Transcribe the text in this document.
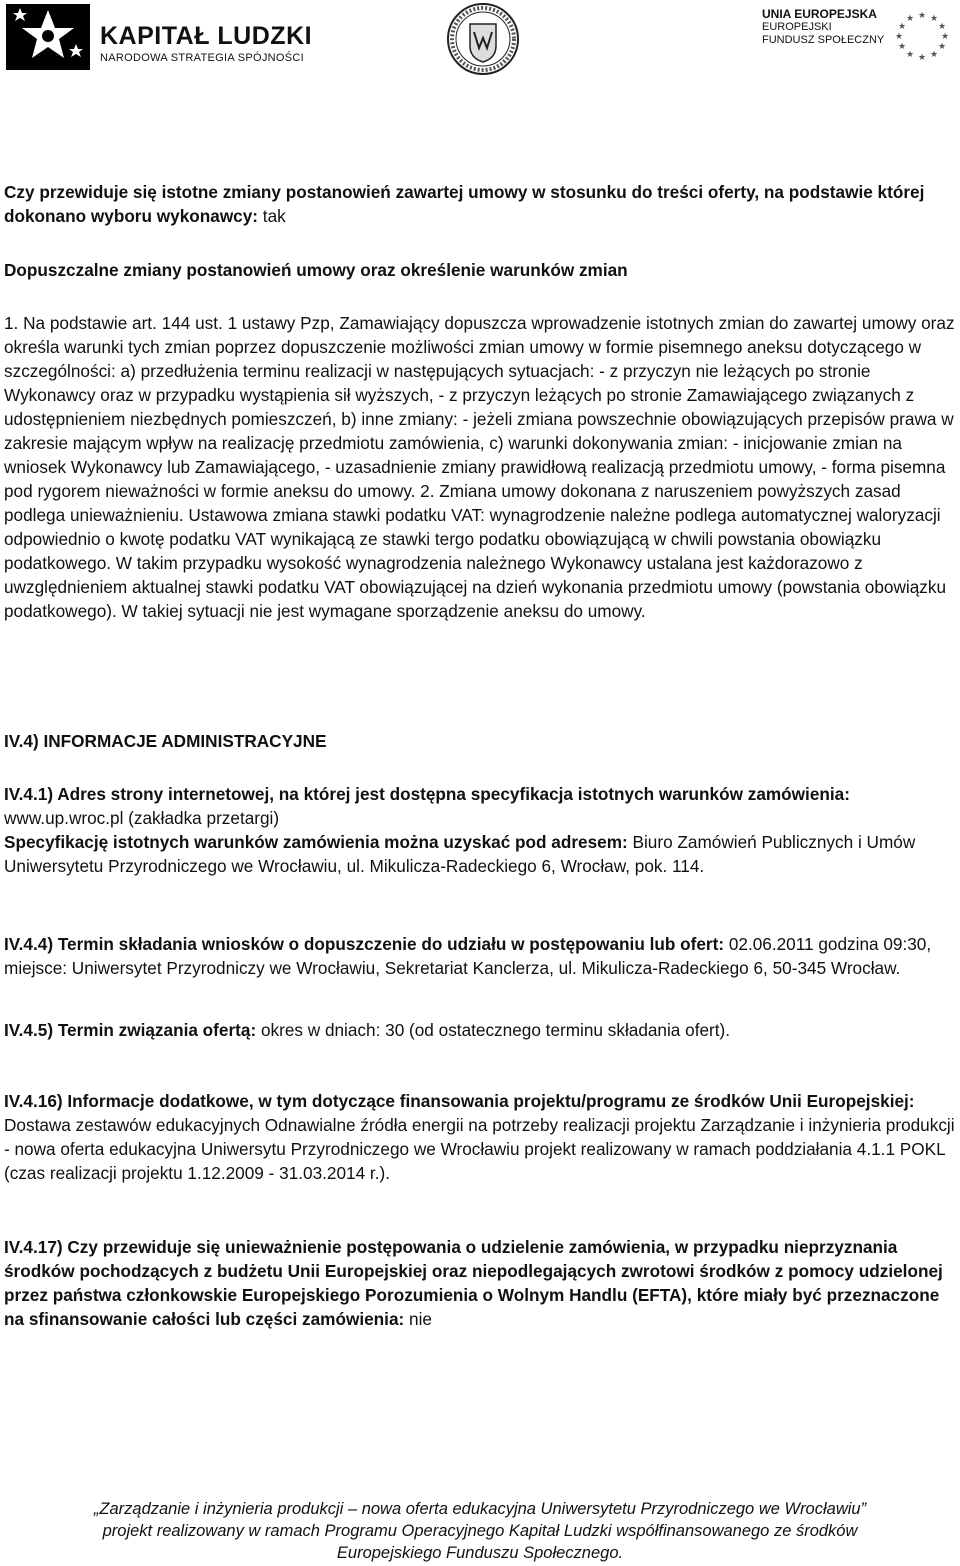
KAPITAŁ LUDZKI
NARODOWA STRATEGIA SPÓJNOŚCI
UNIA EUROPEJSKA
EUROPEJSKI
FUNDUSZ SPOŁECZNY
★ ★
★
★
★
★
★
★
★
★
★
★

Czy przewiduje się istotne zmiany postanowień zawartej umowy w stosunku do treści oferty, na podstawie której dokonano wyboru wykonawcy: tak

Dopuszczalne zmiany postanowień umowy oraz określenie warunków zmian

1. Na podstawie art. 144 ust. 1 ustawy Pzp, Zamawiający dopuszcza wprowadzenie istotnych zmian do zawartej umowy oraz określa warunki tych zmian poprzez dopuszczenie możliwości zmian umowy w formie pisemnego aneksu dotyczącego w szczególności: a) przedłużenia terminu realizacji w następujących sytuacjach: - z przyczyn nie leżących po stronie Wykonawcy oraz w przypadku wystąpienia sił wyższych, - z przyczyn leżących po stronie Zamawiającego związanych z udostępnieniem niezbędnych pomieszczeń, b) inne zmiany: - jeżeli zmiana powszechnie obowiązujących przepisów prawa w zakresie mającym wpływ na realizację przedmiotu zamówienia, c) warunki dokonywania zmian: - inicjowanie zmian na wniosek Wykonawcy lub Zamawiającego, - uzasadnienie zmiany prawidłową realizacją przedmiotu umowy, - forma pisemna pod rygorem nieważności w formie aneksu do umowy. 2. Zmiana umowy dokonana z naruszeniem powyższych zasad podlega unieważnieniu. Ustawowa zmiana stawki podatku VAT: wynagrodzenie należne podlega automatycznej waloryzacji odpowiednio o kwotę podatku VAT wynikającą ze stawki tergo podatku obowiązującą w chwili powstania obowiązku podatkowego. W takim przypadku wysokość wynagrodzenia należnego Wykonawcy ustalana jest każdorazowo z uwzględnieniem aktualnej stawki podatku VAT obowiązującej na dzień wykonania przedmiotu umowy (powstania obowiązku podatkowego). W takiej sytuacji nie jest wymagane sporządzenie aneksu do umowy.

IV.4) INFORMACJE ADMINISTRACYJNE

IV.4.1) Adres strony internetowej, na której jest dostępna specyfikacja istotnych warunków zamówienia: www.up.wroc.pl (zakładka przetargi)
Specyfikację istotnych warunków zamówienia można uzyskać pod adresem: Biuro Zamówień Publicznych i Umów Uniwersytetu Przyrodniczego we Wrocławiu, ul. Mikulicza-Radeckiego 6, Wrocław, pok. 114.

IV.4.4) Termin składania wniosków o dopuszczenie do udziału w postępowaniu lub ofert: 02.06.2011 godzina 09:30, miejsce: Uniwersytet Przyrodniczy we Wrocławiu, Sekretariat Kanclerza, ul. Mikulicza-Radeckiego 6, 50-345 Wrocław.

IV.4.5) Termin związania ofertą: okres w dniach: 30 (od ostatecznego terminu składania ofert).

IV.4.16) Informacje dodatkowe, w tym dotyczące finansowania projektu/programu ze środków Unii Europejskiej: Dostawa zestawów edukacyjnych Odnawialne źródła energii na potrzeby realizacji projektu Zarządzanie i inżynieria produkcji - nowa oferta edukacyjna Uniwersytu Przyrodniczego we Wrocławiu projekt realizowany w ramach poddziałania 4.1.1 POKL (czas realizacji projektu 1.12.2009 - 31.03.2014 r.).

IV.4.17) Czy przewiduje się unieważnienie postępowania o udzielenie zamówienia, w przypadku nieprzyznania środków pochodzących z budżetu Unii Europejskiej oraz niepodlegających zwrotowi środków z pomocy udzielonej przez państwa członkowskie Europejskiego Porozumienia o Wolnym Handlu (EFTA), które miały być przeznaczone na sfinansowanie całości lub części zamówienia: nie

„Zarządzanie i inżynieria produkcji – nowa oferta edukacyjna Uniwersytetu Przyrodniczego we Wrocławiu”
projekt realizowany w ramach Programu Operacyjnego Kapitał Ludzki współfinansowanego ze środków
Europejskiego Funduszu Społecznego.
